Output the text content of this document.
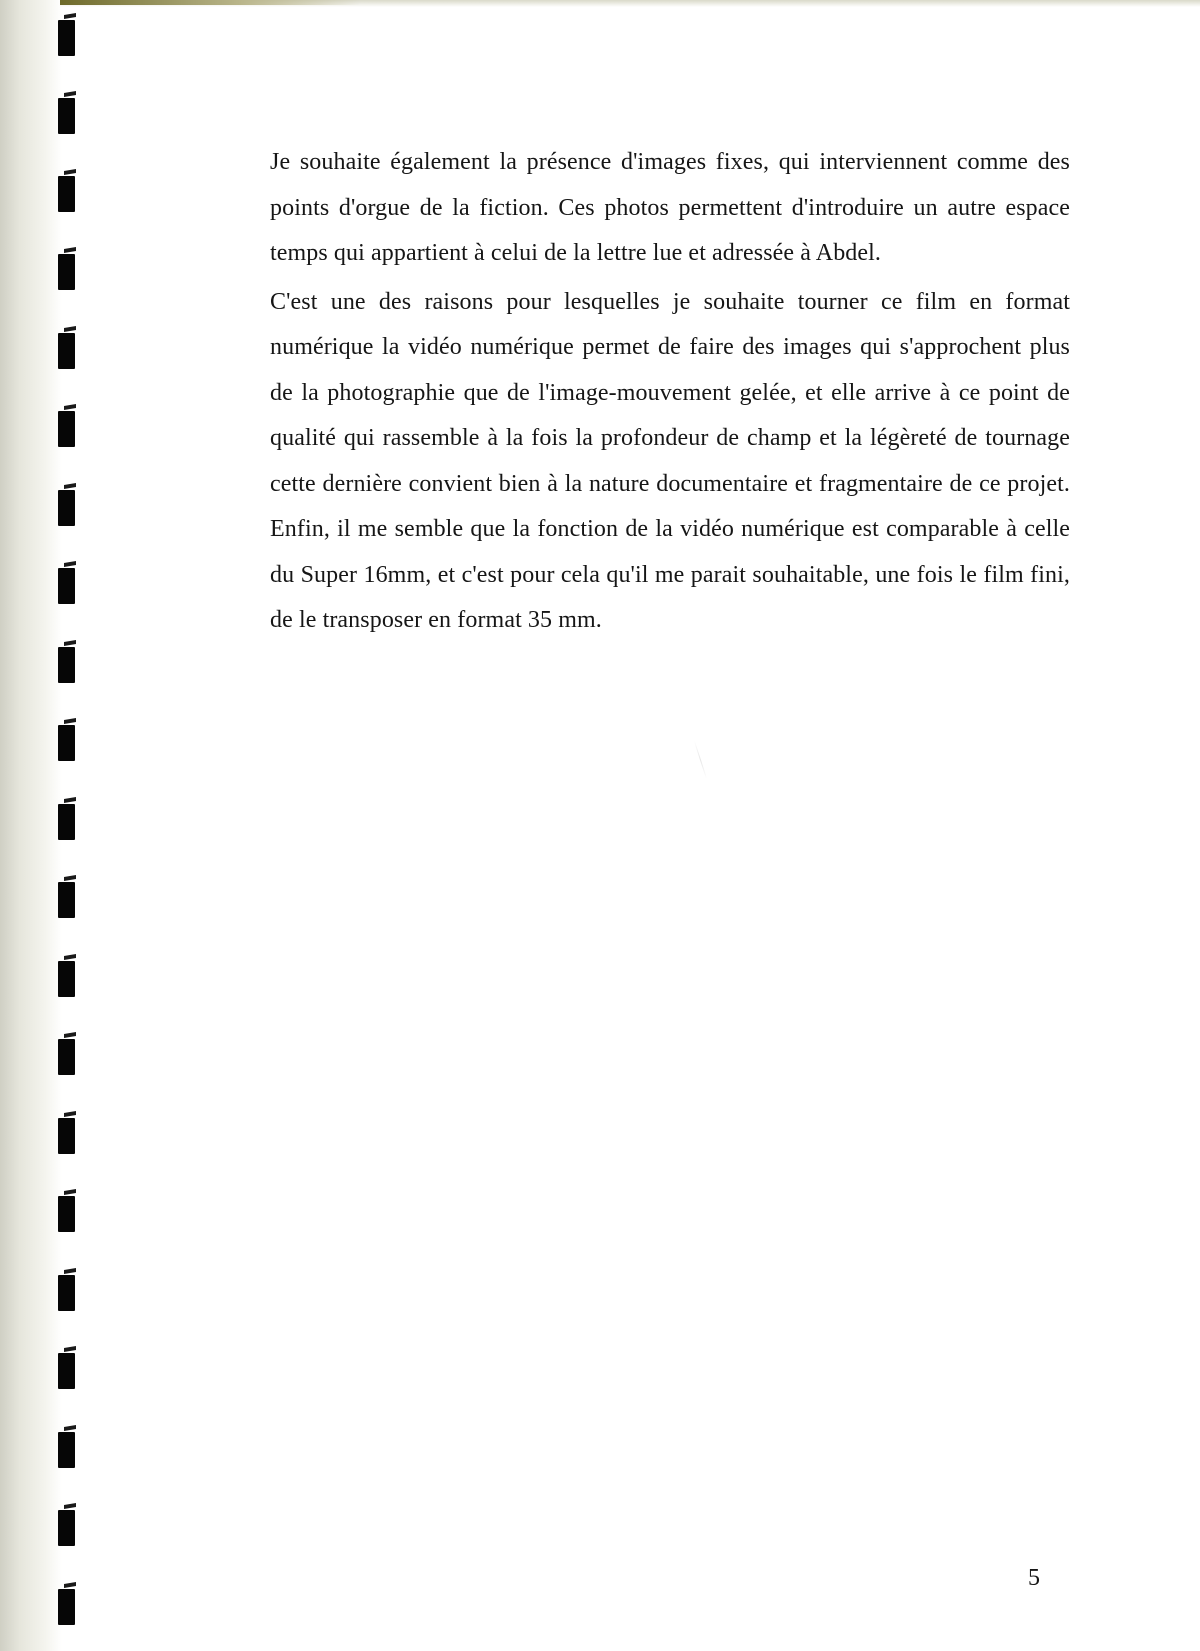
Je souhaite également la présence d'images fixes, qui interviennent comme des points d'orgue de la fiction. Ces photos permettent d'introduire un autre espace temps qui appartient à celui de la lettre lue et adressée à Abdel.

C'est une des raisons pour lesquelles je souhaite tourner ce film en format numérique la vidéo numérique permet de faire des images qui s'approchent plus de la photographie que de l'image-mouvement gelée, et elle arrive à ce point de qualité qui rassemble à la fois la profondeur de champ et la légèreté de tournage cette dernière convient bien à la nature documentaire et fragmentaire de ce projet. Enfin, il me semble que la fonction de la vidéo numérique est comparable à celle du Super 16mm, et c'est pour cela qu'il me parait souhaitable, une fois le film fini, de le transposer en format 35 mm.

5
